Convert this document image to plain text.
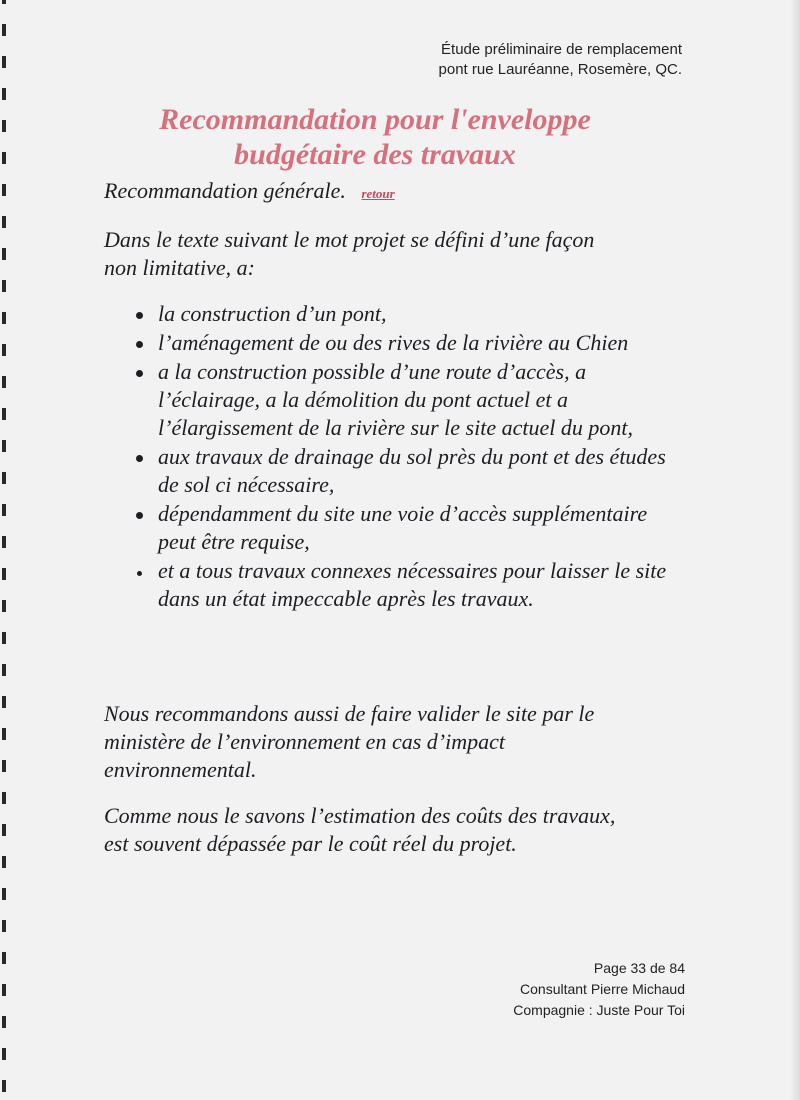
Étude préliminaire de remplacement
pont rue Lauréanne, Rosemère, QC.
Recommandation pour l'enveloppe
budgétaire des travaux
Recommandation générale. retour

Dans le texte suivant le mot projet se défini d’une façon

non limitative, a:

la construction d’un pont,
l’aménagement de ou des rives de la rivière au Chien
a la construction possible d’une route d’accès, a l’éclairage, a la démolition du pont actuel et a l’élargissement de la rivière sur le site actuel du pont,
aux travaux de drainage du sol près du pont et des études de sol ci nécessaire,
dépendamment du site une voie d’accès supplémentaire peut être requise,
et a tous travaux connexes nécessaires pour laisser le site dans un état impeccable après les travaux.

Nous recommandons aussi de faire valider le site par le

ministère de l’environnement en cas d’impact

environnemental.

Comme nous le savons l’estimation des coûts des travaux,

est souvent dépassée par le coût réel du projet.

Page 33 de 84
Consultant Pierre Michaud
Compagnie : Juste Pour Toi
